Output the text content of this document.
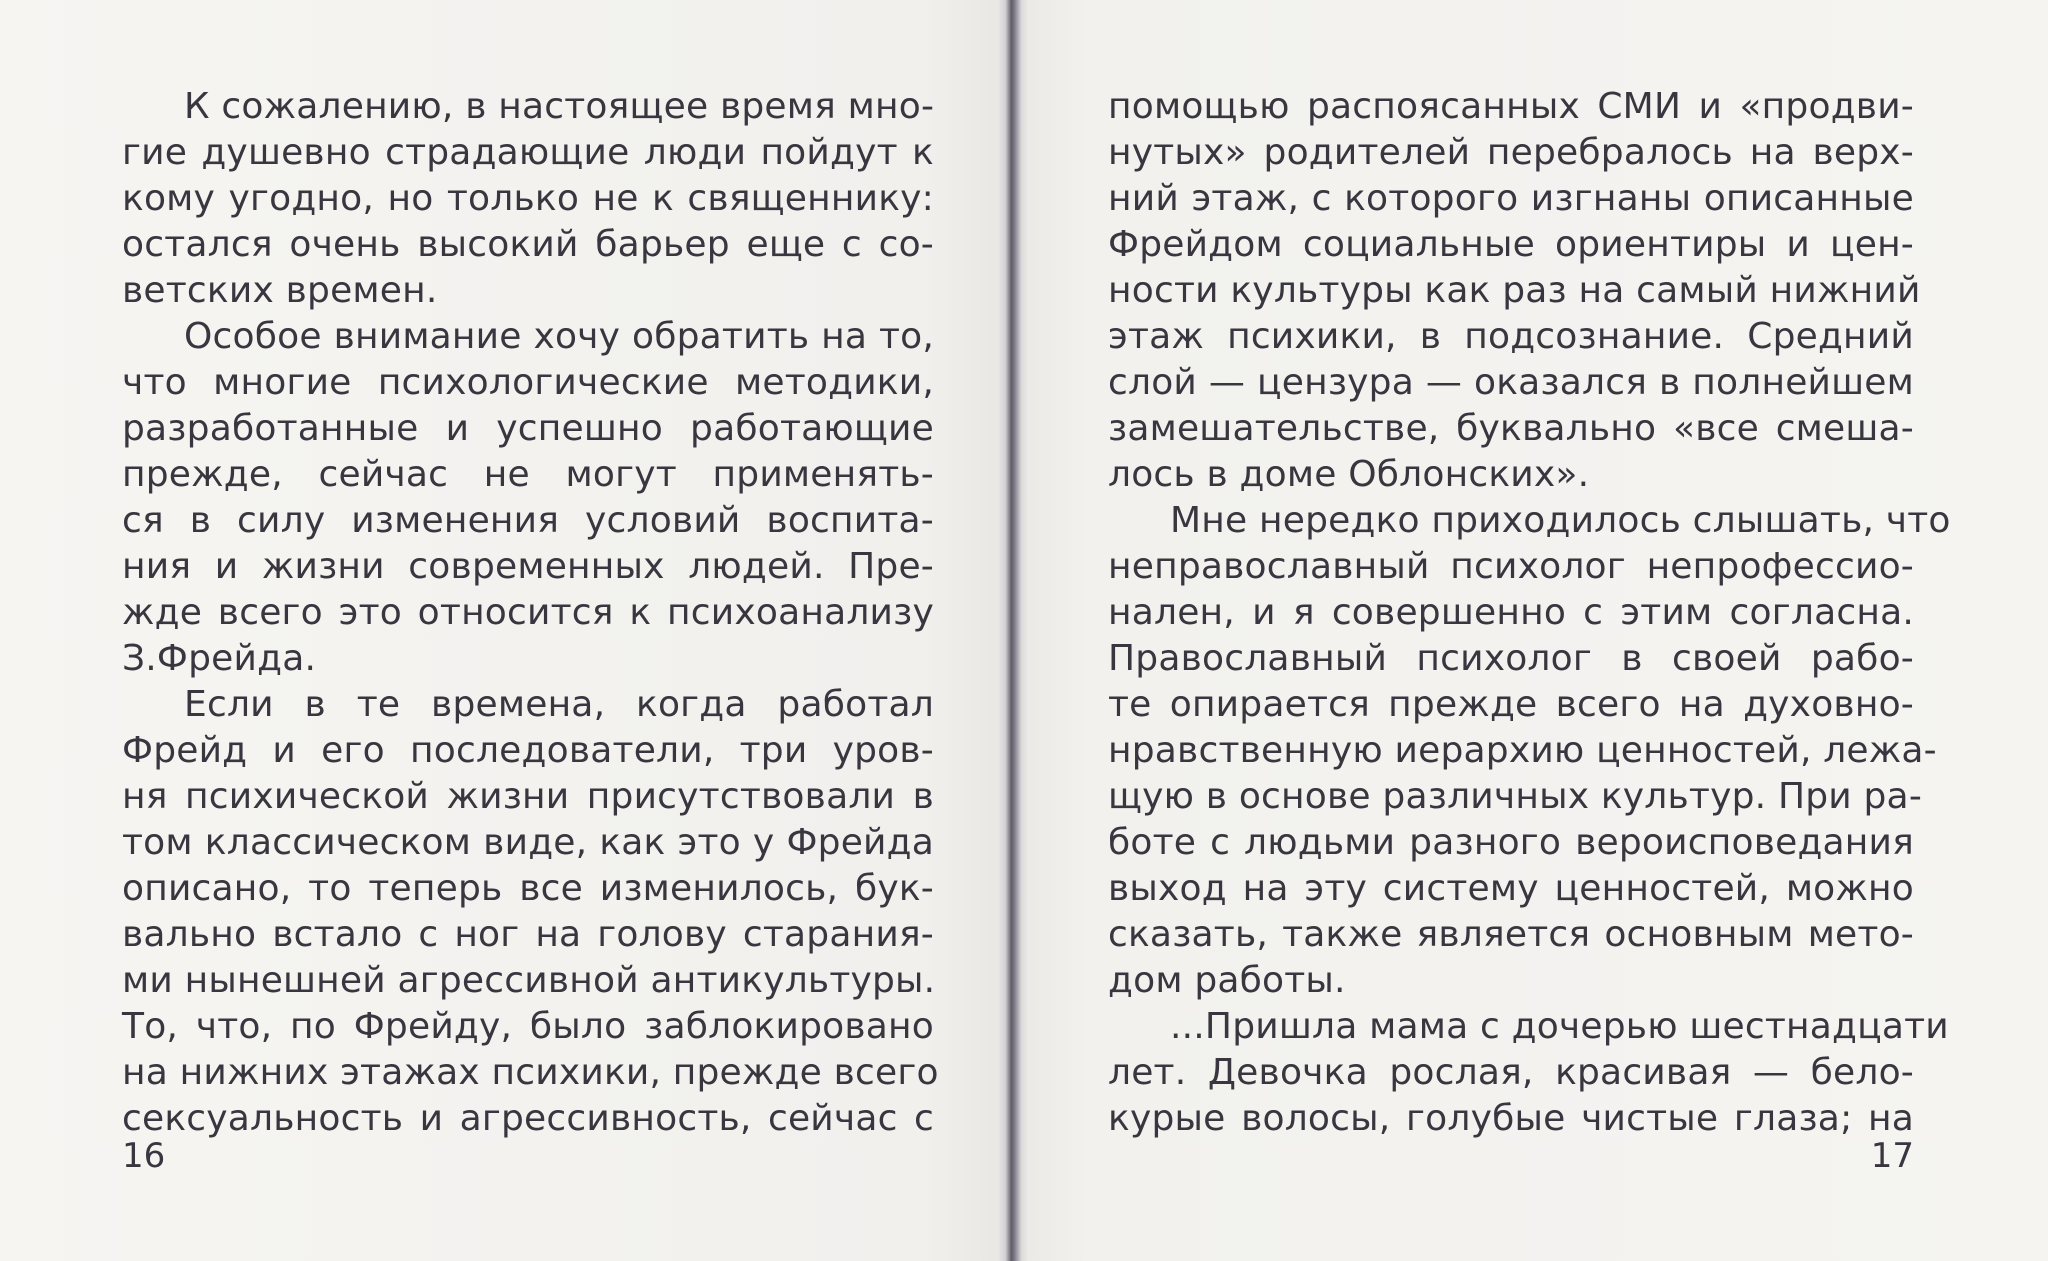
К сожалению, в настоящее время мно-
гие душевно страдающие люди пойдут к
кому угодно, но только не к священнику:
остался очень высокий барьер еще с со-
ветских времен.
Особое внимание хочу обратить на то,
что многие психологические методики,
разработанные и успешно работающие
прежде, сейчас не могут применять-
ся в силу изменения условий воспита-
ния и жизни современных людей. Пре-
жде всего это относится к психоанализу
З.Фрейда.
Если в те времена, когда работал
Фрейд и его последователи, три уров-
ня психической жизни присутствовали в
том классическом виде, как это у Фрейда
описано, то теперь все изменилось, бук-
вально встало с ног на голову старания-
ми нынешней агрессивной антикультуры.
То, что, по Фрейду, было заблокировано
на нижних этажах психики, прежде всего
сексуальность и агрессивность, сейчас с
16
помощью распоясанных СМИ и «продви-
нутых» родителей перебралось на верх-
ний этаж, с которого изгнаны описанные
Фрейдом социальные ориентиры и цен-
ности культуры как раз на самый нижний
этаж психики, в подсознание. Средний
слой — цензура — оказался в полнейшем
замешательстве, буквально «все смеша-
лось в доме Облонских».
Мне нередко приходилось слышать, что
неправославный психолог непрофессио-
нален, и я совершенно с этим согласна.
Православный психолог в своей рабо-
те опирается прежде всего на духовно-
нравственную иерархию ценностей, лежа-
щую в основе различных культур. При ра-
боте с людьми разного вероисповедания
выход на эту систему ценностей, можно
сказать, также является основным мето-
дом работы.
...Пришла мама с дочерью шестнадцати
лет. Девочка рослая, красивая — бело-
курые волосы, голубые чистые глаза; на
17
